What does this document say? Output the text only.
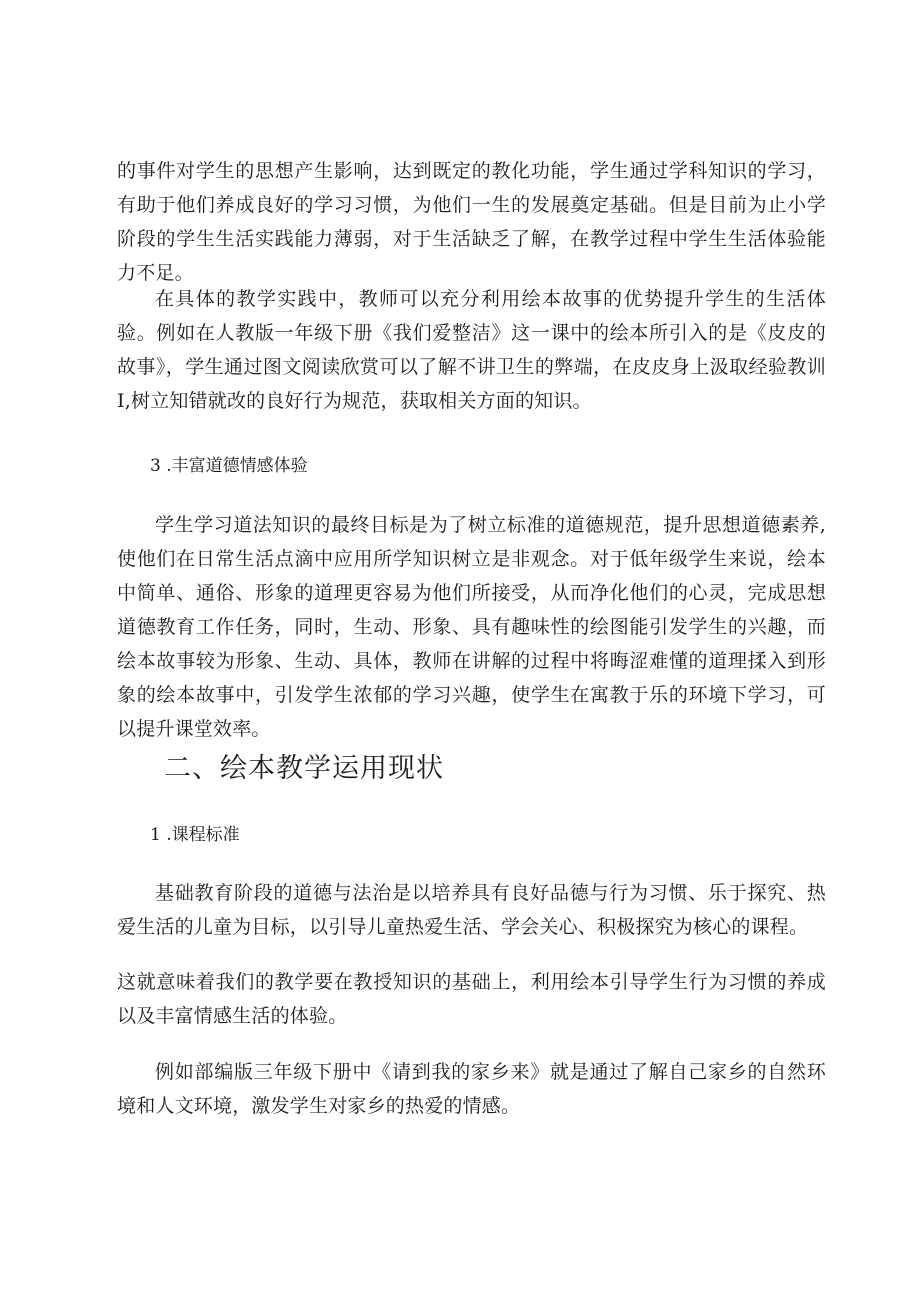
的事件对学生的思想产生影响，达到既定的教化功能，学生通过学科知识的学习，有助于他们养成良好的学习习惯，为他们一生的发展奠定基础。但是目前为止小学阶段的学生生活实践能力薄弱，对于生活缺乏了解，在教学过程中学生生活体验能力不足。

在具体的教学实践中，教师可以充分利用绘本故事的优势提升学生的生活体验。例如在人教版一年级下册《我们爱整洁》这一课中的绘本所引入的是《皮皮的故事》，学生通过图文阅读欣赏可以了解不讲卫生的弊端，在皮皮身上汲取经验教训I,树立知错就改的良好行为规范，获取相关方面的知识。

3 .丰富道德情感体验

学生学习道法知识的最终目标是为了树立标准的道德规范，提升思想道德素养,使他们在日常生活点滴中应用所学知识树立是非观念。对于低年级学生来说，绘本中简单、通俗、形象的道理更容易为他们所接受，从而净化他们的心灵，完成思想道德教育工作任务，同时，生动、形象、具有趣味性的绘图能引发学生的兴趣，而绘本故事较为形象、生动、具体，教师在讲解的过程中将晦涩难懂的道理揉入到形象的绘本故事中，引发学生浓郁的学习兴趣，使学生在寓教于乐的环境下学习，可以提升课堂效率。

二、绘本教学运用现状

1 .课程标准

基础教育阶段的道德与法治是以培养具有良好品德与行为习惯、乐于探究、热爱生活的儿童为目标，以引导儿童热爱生活、学会关心、积极探究为核心的课程。

这就意味着我们的教学要在教授知识的基础上，利用绘本引导学生行为习惯的养成以及丰富情感生活的体验。

例如部编版三年级下册中《请到我的家乡来》就是通过了解自己家乡的自然环境和人文环境，激发学生对家乡的热爱的情感。
